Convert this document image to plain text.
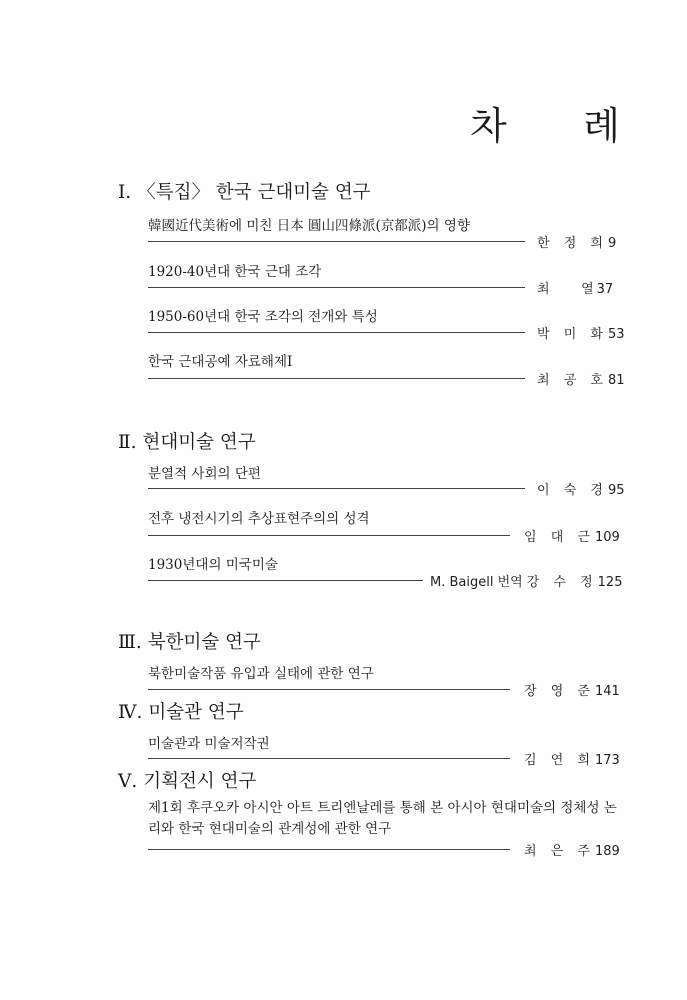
차 례
Ⅰ. 〈특집〉 한국 근대미술 연구
韓國近代美術에 미친 日本 圓山四條派(京都派)의 영향
한 정 희9
1920-40년대 한국 근대 조각
최    열37
1950-60년대 한국 조각의 전개와 특성
박 미 화53
한국 근대공예 자료해제Ⅰ
최 공 호81
Ⅱ. 현대미술 연구
분열적 사회의 단편
이 숙 경95
전후 냉전시기의 추상표현주의의 성격
임 대 근109
1930년대의 미국미술
M. Baigell 번역 강 수 정125
Ⅲ. 북한미술 연구
북한미술작품 유입과 실태에 관한 연구
장 영 준141
Ⅳ. 미술관 연구
미술관과 미술저작권
김 연 희173
Ⅴ. 기획전시 연구
제1회 후쿠오카 아시안 아트 트리엔날레를 통해 본 아시아 현대미술의 정체성 논리와 한국 현대미술의 관계성에 관한 연구
최 은 주189
